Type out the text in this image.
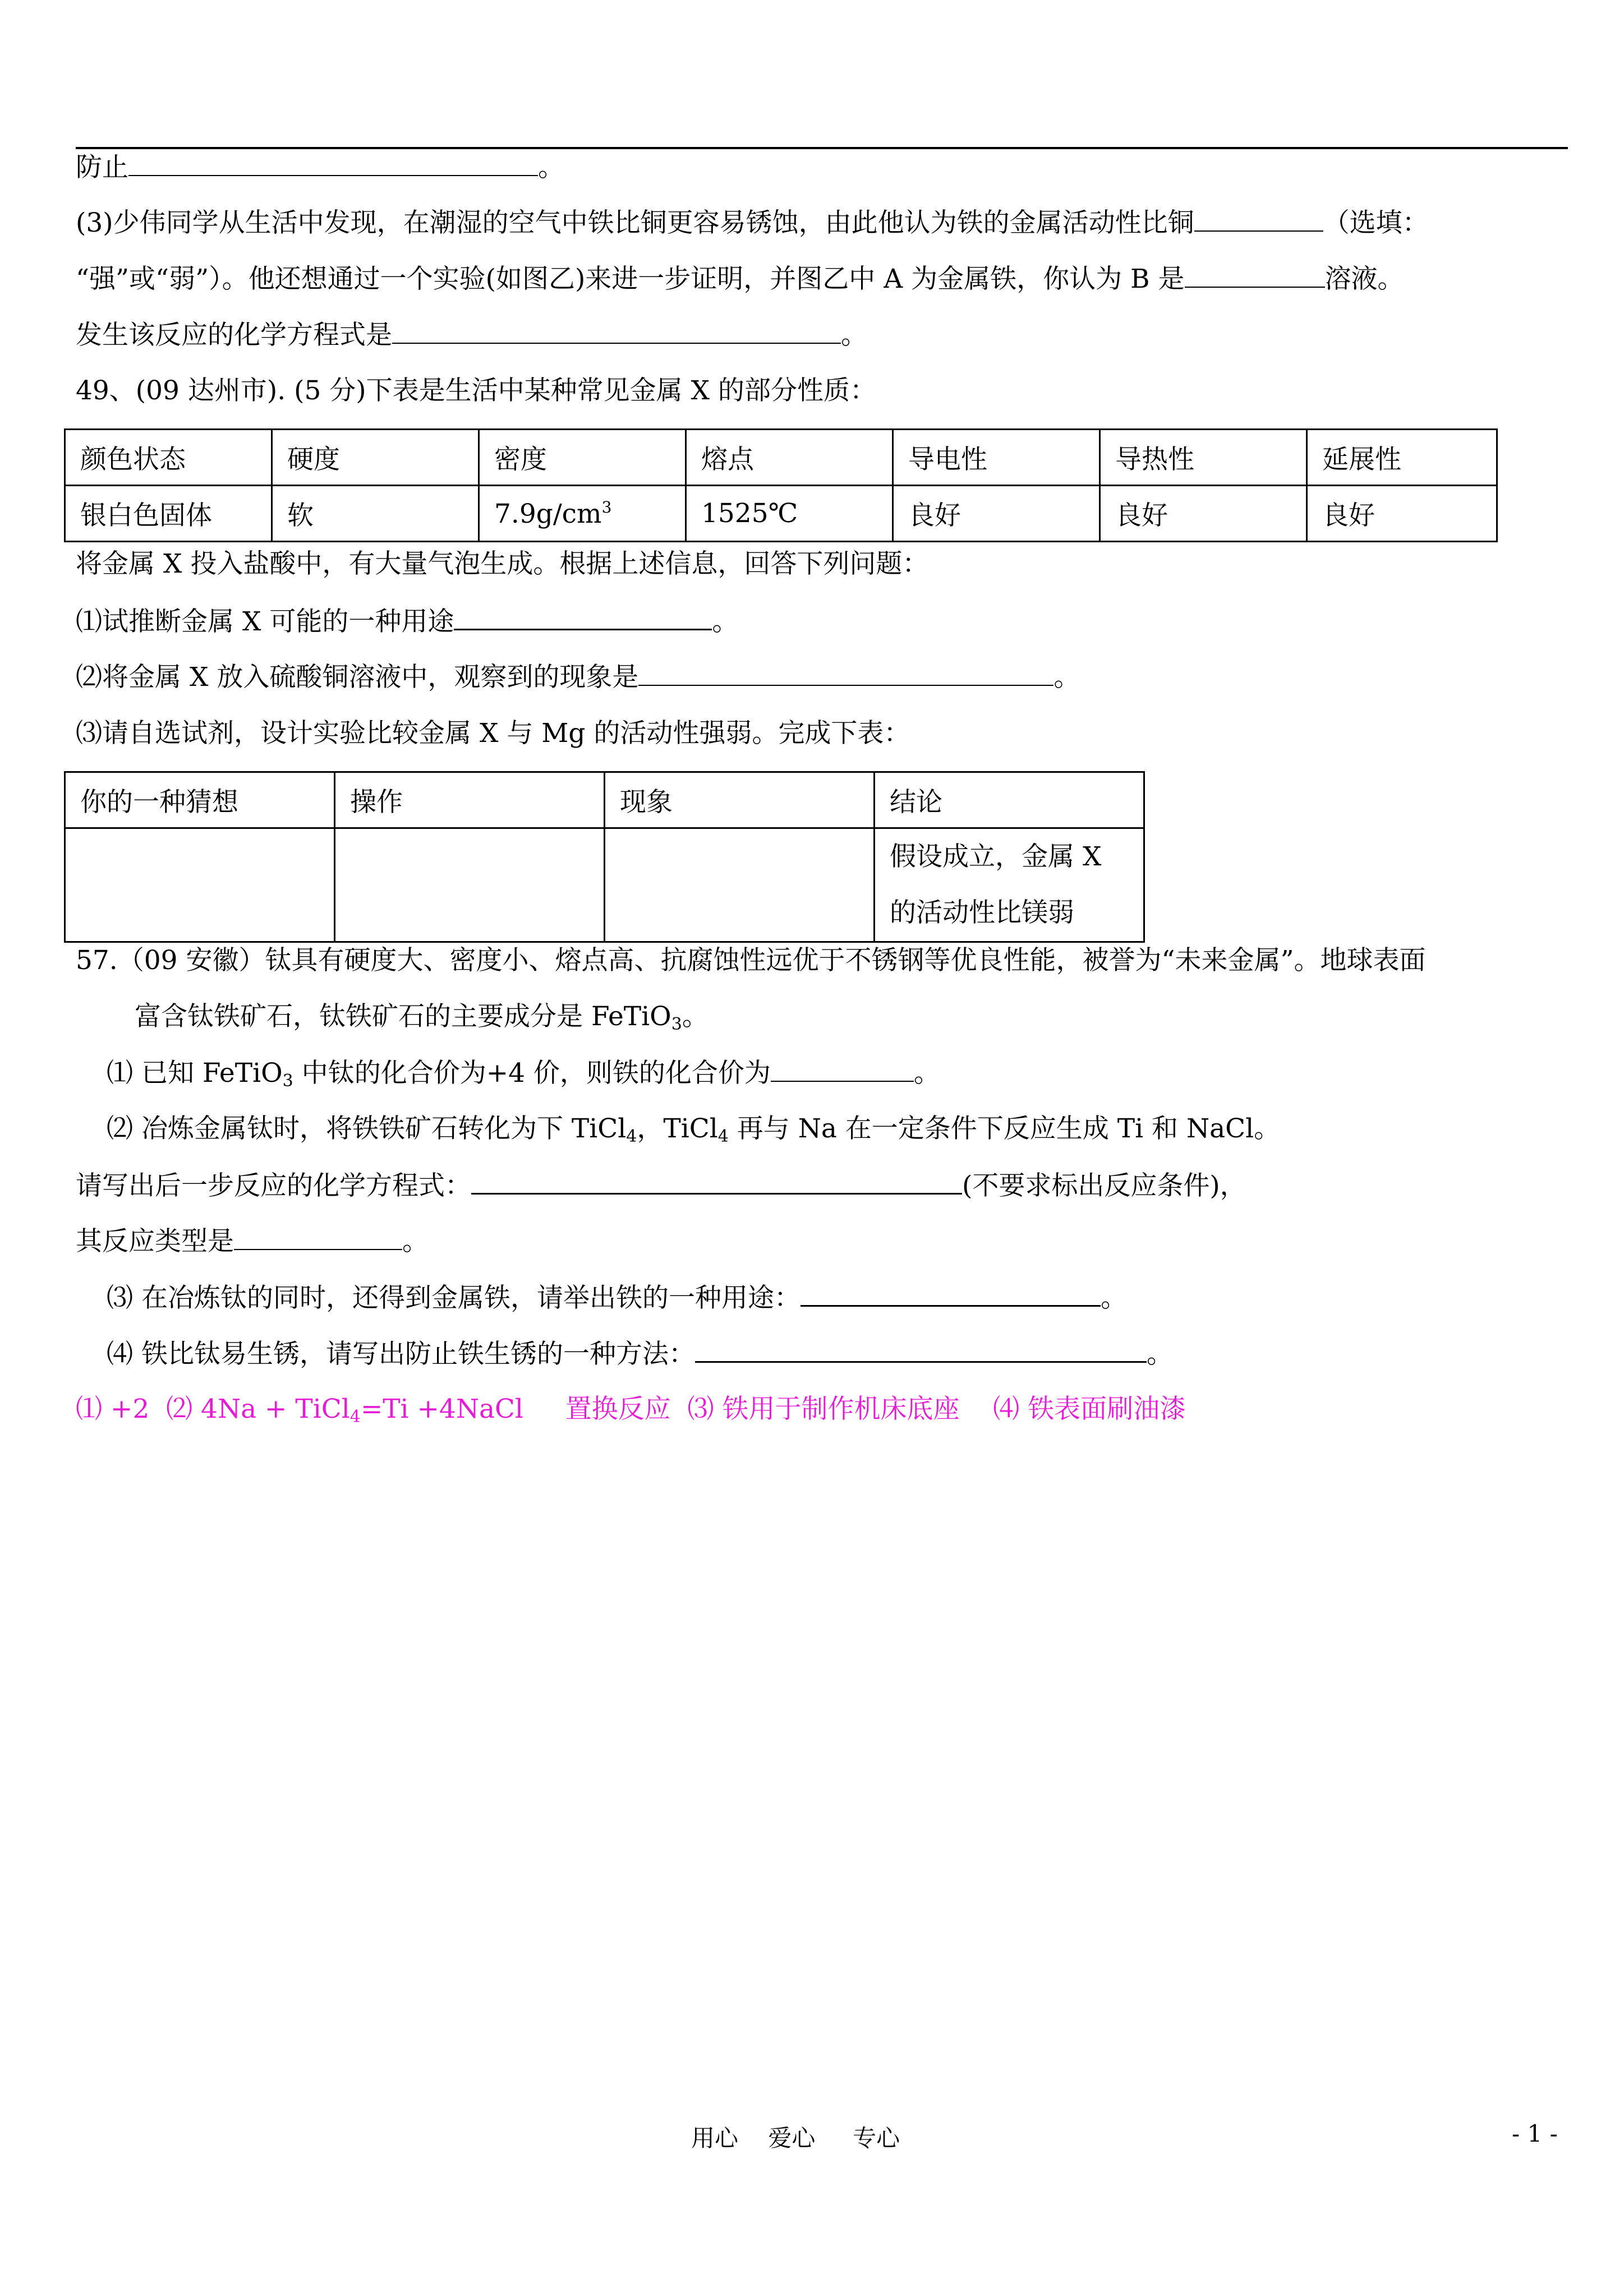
防止	。
(3)少伟同学从生活中发现，在潮湿的空气中铁比铜更容易锈蚀，由此他认为铁的金属活动性比铜	（选填：
“强”或“弱”）。他还想通过一个实验(如图乙)来进一步证明，并图乙中 A 为金属铁，你认为 B 是	溶液。
发生该反应的化学方程式是	。
49、(09 达州市). (5 分)下表是生活中某种常见金属 X 的部分性质：
颜色状态	硬度	密度	熔点	导电性	导热性	延展性
银白色固体	软	$7.9g/cm^3$	1525℃	良好	良好	良好
将金属 X 投入盐酸中，有大量气泡生成。根据上述信息，回答下列问题：
⑴试推断金属 X 可能的一种用途	。
⑵将金属 X 放入硫酸铜溶液中，观察到的现象是	。
⑶请自选试剂，设计实验比较金属 X 与 Mg 的活动性强弱。完成下表：
你的一种猜想	操作	现象	结论

			假设成立，金属 X
的活动性比镁弱
57.（09 安徽）钛具有硬度大、密度小、熔点高、抗腐蚀性远优于不锈钢等优良性能，被誉为“未来金属”。地球表面
富含钛铁矿石，钛铁矿石的主要成分是 FeTiO$_3$。
⑴ 已知 FeTiO$_3$ 中钛的化合价为+4 价，则铁的化合价为	。
⑵ 冶炼金属钛时，将铁铁矿石转化为下 TiCl$_4$，TiCl$_4$ 再与 Na 在一定条件下反应生成 Ti 和 NaCl。
请写出后一步反应的化学方程式：	(不要求标出反应条件)，
其反应类型是	。
⑶ 在冶炼钛的同时，还得到金属铁，请举出铁的一种用途：	。
⑷ 铁比钛易生锈，请写出防止铁生锈的一种方法：	。
⑴ +2  ⑵ 4Na + TiCl$_4$=Ti +4NaCl     置换反应  ⑶ 铁用于制作机床底座    ⑷ 铁表面刷油漆
用心    爱心     专心	- 1 -
